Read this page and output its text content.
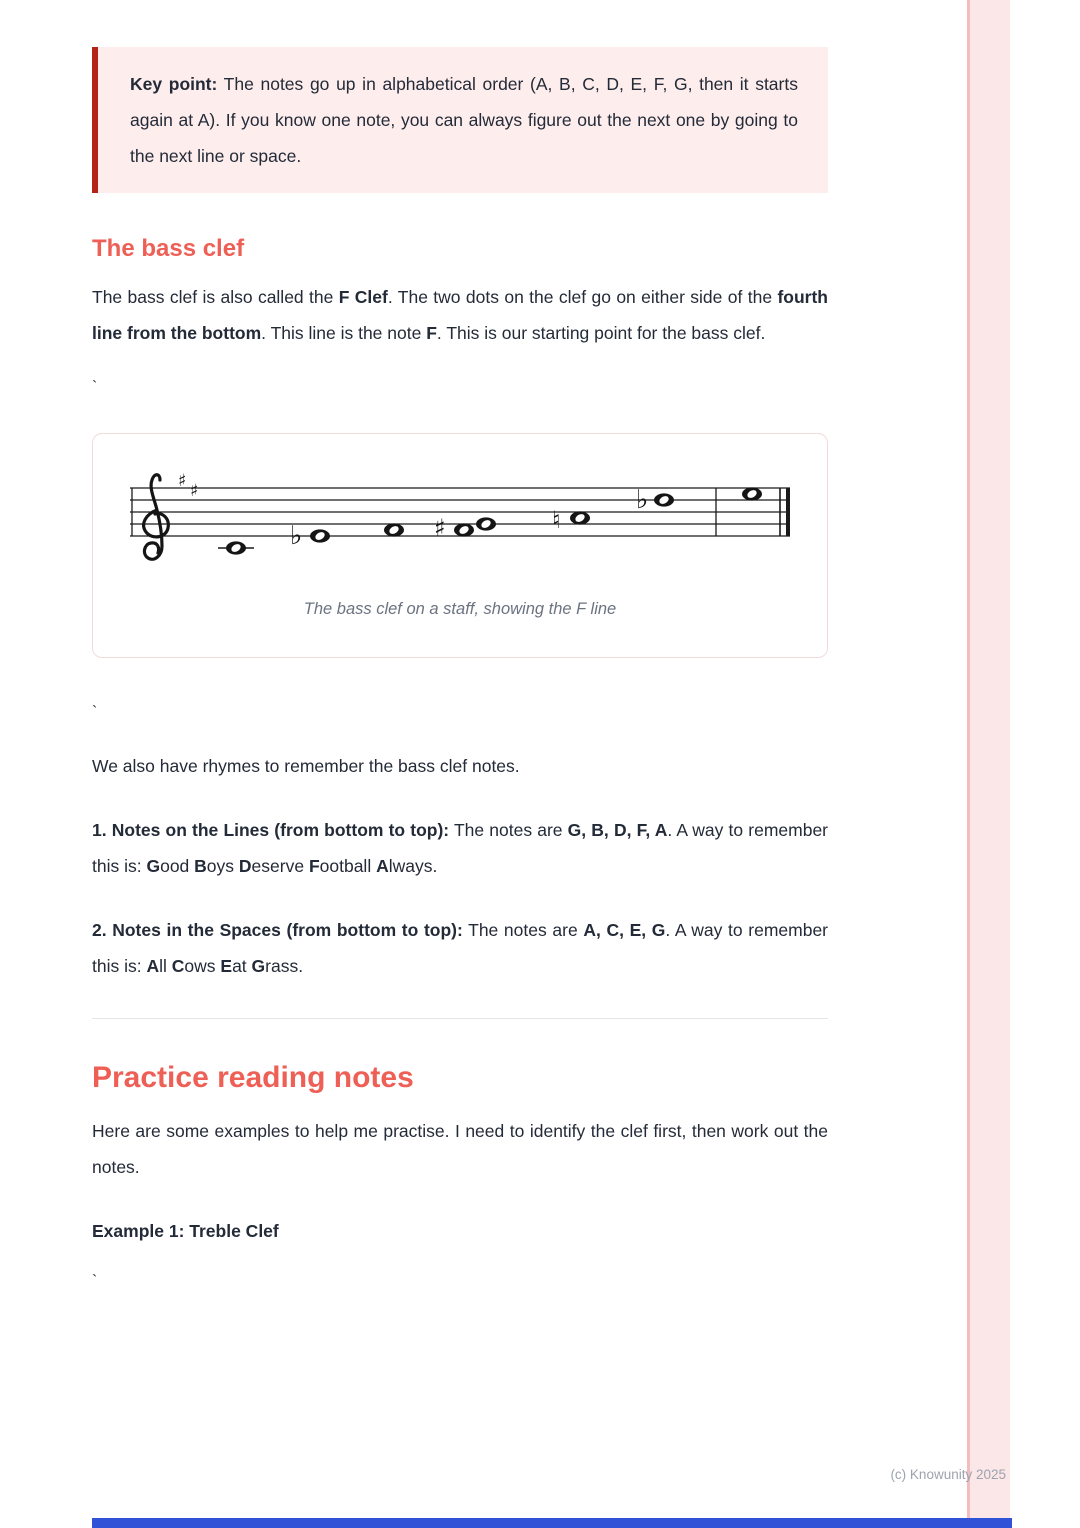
Key point: The notes go up in alphabetical order (A, B, C, D, E, F, G, then it starts again at A). If you know one note, you can always figure out the next one by going to the next line or space.

The bass clef

The bass clef is also called the F Clef. The two dots on the clef go on either side of the fourth line from the bottom. This line is the note F. This is our starting point for the bass clef.

`

♯ ♯
♭	♯	♮
♭
The bass clef on a staff, showing the F line

`

We also have rhymes to remember the bass clef notes.

1. Notes on the Lines (from bottom to top): The notes are G, B, D, F, A. A way to remember this is: Good Boys Deserve Football Always.

2. Notes in the Spaces (from bottom to top): The notes are A, C, E, G. A way to remember this is: All Cows Eat Grass.

Practice reading notes

Here are some examples to help me practise. I need to identify the clef first, then work out the notes.

Example 1: Treble Clef

`

(c) Knowunity 2025
